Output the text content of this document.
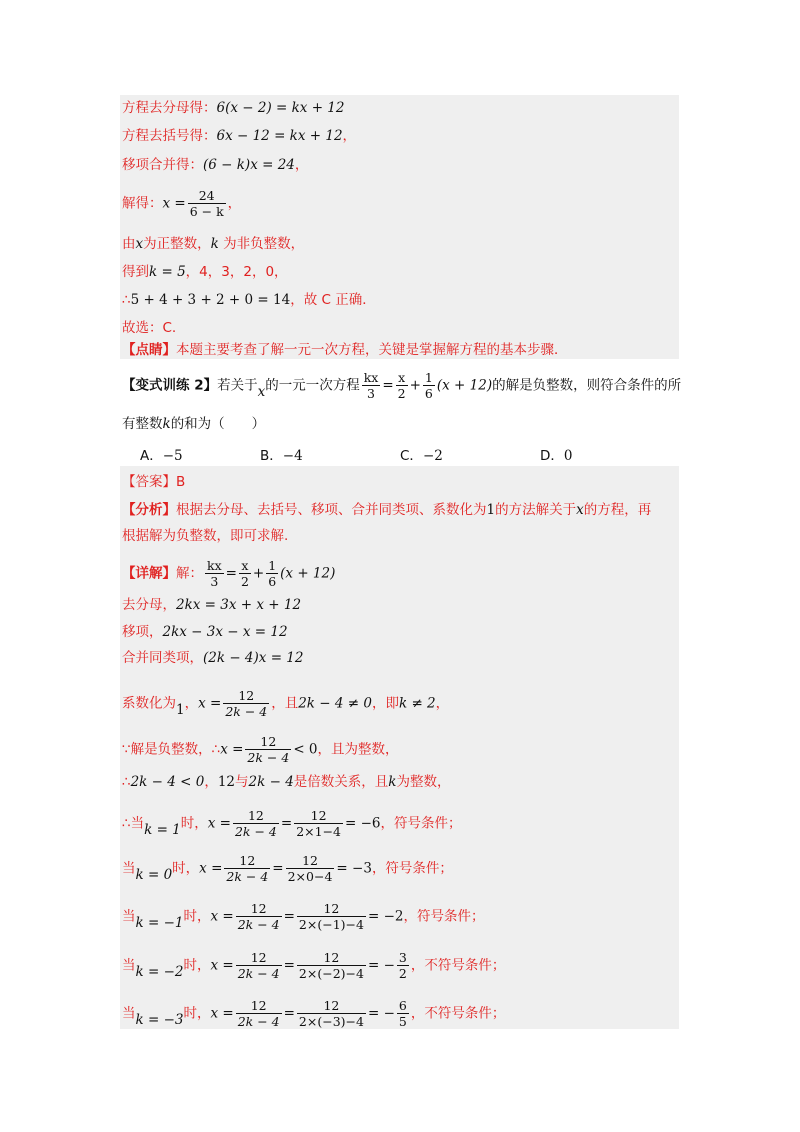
方程去分母得：6(x − 2) = kx + 12
方程去括号得：6x − 12 = kx + 12，
移项合并得：(6 − k)x = 24，
解得：$x = \frac{24}{6 - k}$ ，
由x为正整数，k 为非负整数，
得到k = 5，4，3，2，0，
∴5 + 4 + 3 + 2 + 0 = 14，故 C 正确．
故选：C.
【点睛】本题主要考查了解一元一次方程，关键是掌握解方程的基本步骤．
【变式训练 2】若关于x的一元一次方程 $\frac{kx}{3} = \frac{x}{2} + \frac{1}{6} (x + 12)$的解是负整数，则符合条件的所
有整数k的和为（　　）
A．−5	B．−4	C．−2	D．0
【答案】B
【分析】根据去分母、去括号、移项、合并同类项、系数化为1的方法解关于x的方程，再
根据解为负整数，即可求解.
【详解】解： $\frac{kx}{3} = \frac{x}{2} + \frac{1}{6} (x + 12)$
去分母，2kx = 3x + x + 12
移项，2kx − 3x − x = 12
合并同类项，(2k − 4)x = 12
系数化为1，$x = \frac{12}{2k - 4}$ ，且2k − 4 ≠ 0，即k ≠ 2，
∵解是负整数，∴x = $\frac{12}{2k - 4} < 0$，且为整数，
∴2k − 4 < 0，12与2k − 4是倍数关系，且k为整数，
∴当k = 1时，$x = \frac{12}{2k - 4} = \frac{12}{2\times 1-4} = -6$，符号条件；
当k = 0时，$x = \frac{12}{2k - 4} = \frac{12}{2\times 0-4} = -3$，符号条件；
当k = −1时，$x = \frac{12}{2k - 4} = \frac{12}{2\times(-1)-4} = -2$，符号条件；
当k = −2时，$x = \frac{12}{2k - 4} = \frac{12}{2\times(-2)-4}$ = − $\frac{3}{2}$ ，不符号条件；
当k = −3时，$x = \frac{12}{2k - 4} = \frac{12}{2\times(-3)-4}$ = − $\frac{6}{5}$ ，不符号条件；
